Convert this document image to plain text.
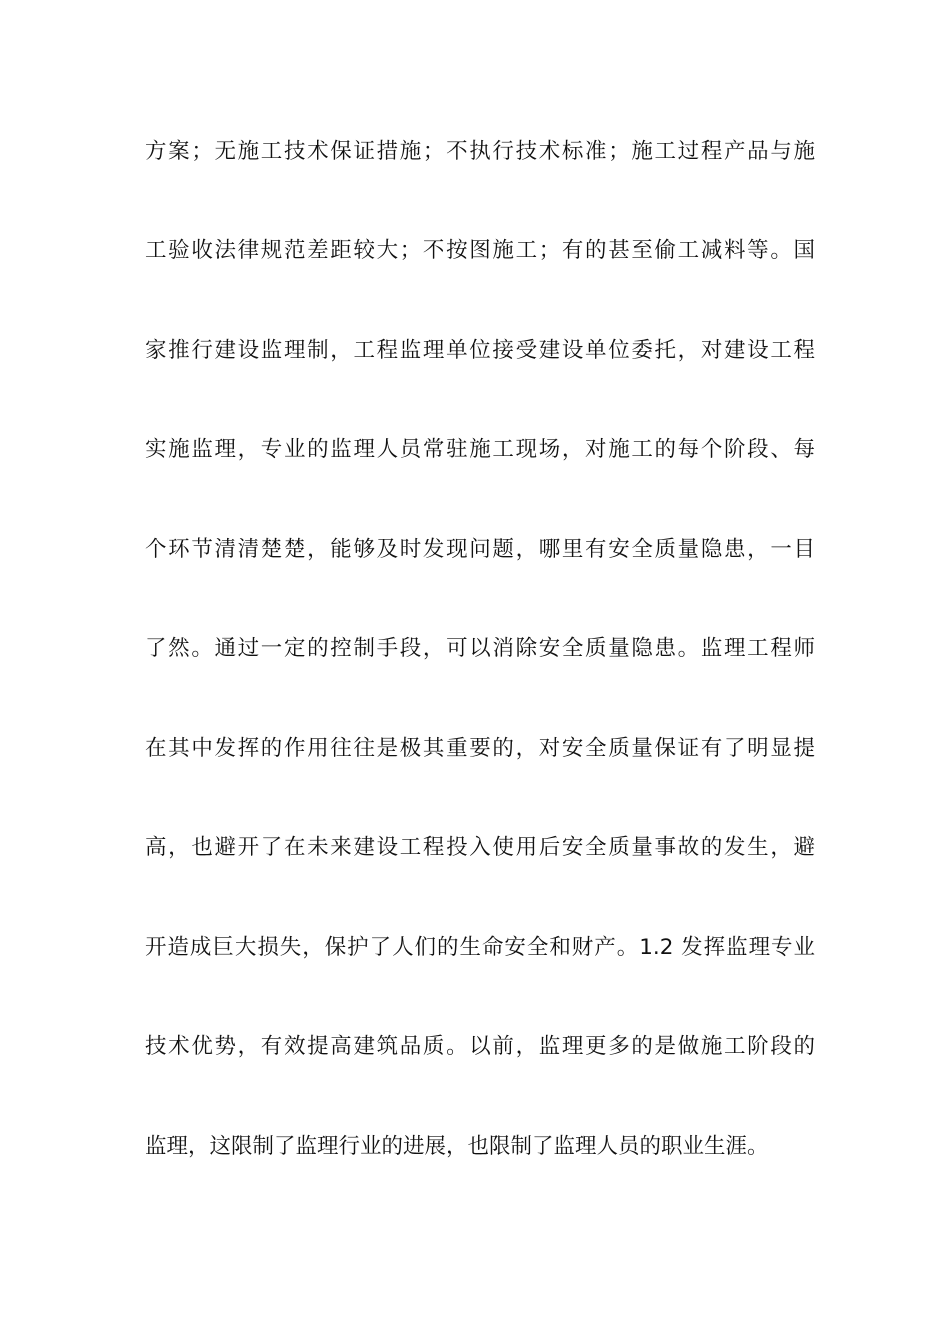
方案；无施工技术保证措施；不执行技术标准；施工过程产品与施
工验收法律规范差距较大；不按图施工；有的甚至偷工减料等。国
家推行建设监理制，工程监理单位接受建设单位委托，对建设工程
实施监理，专业的监理人员常驻施工现场，对施工的每个阶段、每
个环节清清楚楚，能够及时发现问题，哪里有安全质量隐患，一目
了然。通过一定的控制手段，可以消除安全质量隐患。监理工程师
在其中发挥的作用往往是极其重要的，对安全质量保证有了明显提
高，也避开了在未来建设工程投入使用后安全质量事故的发生，避
开造成巨大损失，保护了人们的生命安全和财产。1.2 发挥监理专业
技术优势，有效提高建筑品质。以前，监理更多的是做施工阶段的
监理，这限制了监理行业的进展，也限制了监理人员的职业生涯。
